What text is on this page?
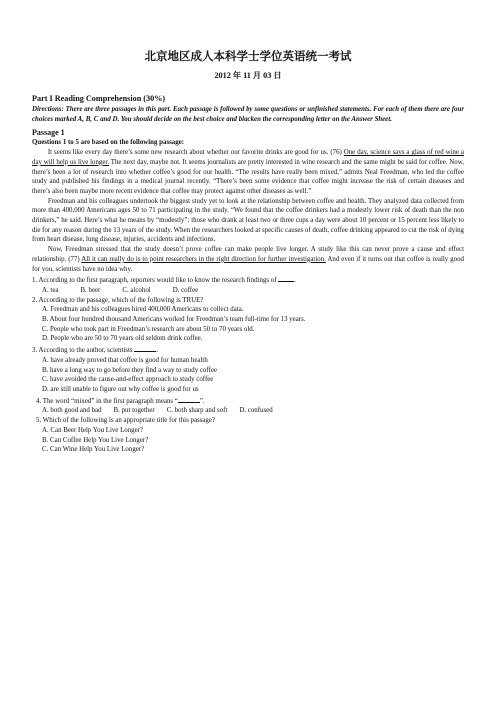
北京地区成人本科学士学位英语统一考试
2012 年 11 月 03 日
Part I Reading Comprehension (30%)
Directions: There are three passages in this part. Each passage is followed by some questions or unfinished statements. For each of them there are four choices marked A, B, C and D. You should decide on the best choice and blacken the corresponding letter on the Answer Sheet.
Passage 1
Questions 1 to 5 are based on the following passage:
It seems like every day there’s some new research about whether our favorite drinks are good for us. (76) One day, science says a glass of red wine a day will help us live longer. The next day, maybe not. It seems journalists are pretty interested in wine research and the same might be said for coffee. Now, there’s been a lot of research into whether coffee’s good for our health. “The results have really been mixed,” admits Neal Freedman, who led the coffee study and published his findings in a medical journal recently. “There’s been some evidence that coffee might increase the risk of certain diseases and there’s also been maybe more recent evidence that coffee may protect against other diseases as well.”
Freedman and his colleagues undertook the biggest study yet to look at the relationship between coffee and health. They analyzed data collected from more than 400,000 Americans ages 50 to 71 participating in the study. “We found that the coffee drinkers had a modestly lower risk of death than the non drinkers,” he said. Here’s what he means by “modestly”: those who drank at least two or three cups a day were about 10 percent or 15 percent less likely to die for any reason during the 13 years of the study. When the researchers looked at specific causes of death, coffee drinking appeared to cut the risk of dying from heart disease, lung disease, injuries, accidents and infections.
Now, Freedman stressed that the study doesn’t prove coffee can make people live longer. A study like this can never prove a cause and effect relationship. (77) All it can really do is to point researchers in the right direction for further investigation. And even if it turns out that coffee is really good for you, scientists have no idea why.
1. According to the first paragraph, reporters would like to know the research findings of .
A. tea	B. beer	C. alcohol	D. coffee
2. According to the passage, which of the following is TRUE?
A. Freedman and his colleagues hired 400,000 Americans to collect data.
B. About four hundred thousand Americans worked for Freedman’s team full-time for 13 years.
C. People who took part in Freedman’s research are about 50 to 70 years old.
D. People who are 50 to 70 years old seldom drink coffee.
3. According to the author, scientists	.
A. have already proved that coffee is good for human health
B. have a long way to go before they find a way to study coffee
C. have avoided the cause-and-effect approach to study coffee
D. are still unable to figure out why coffee is good for us
4. The word “mixed” in the first paragraph means “	”.
A. both good and bad B. put together C. both sharp and soft D. confused
5. Which of the following is an appropriate title for this passage?
A. Can Beer Help You Live Longer?
B. Can Coffee Help You Live Longer?
C. Can Wine Help You Live Longer?
